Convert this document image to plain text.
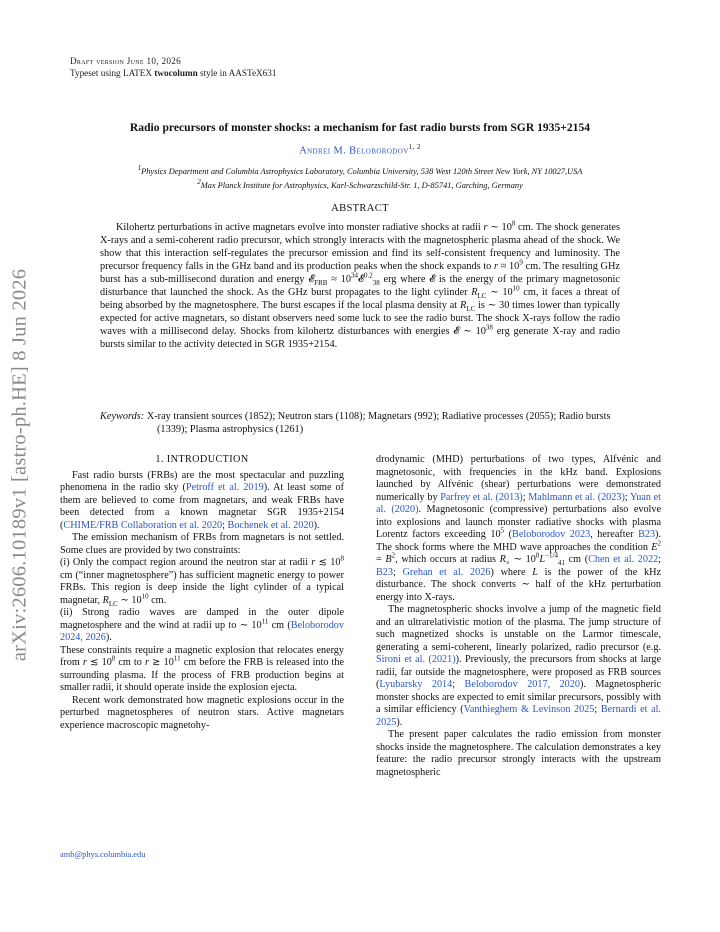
arXiv:2606.10189v1 [astro-ph.HE] 8 Jun 2026
Draft version June 10, 2026
Typeset using LATEX twocolumn style in AASTeX631
Radio precursors of monster shocks: a mechanism for fast radio bursts from SGR 1935+2154
Andrei M. Beloborodov$^{1, 2}$
$^1$Physics Department and Columbia Astrophysics Laboratory, Columbia University, 538 West 120th Street New York, NY 10027,USA
$^2$Max Planck Institute for Astrophysics, Karl-Schwarzschild-Str. 1, D-85741, Garching, Germany
ABSTRACT

Kilohertz perturbations in active magnetars evolve into monster radiative shocks at radii r ∼ $10^8$ cm. The shock generates X-rays and a semi-coherent radio precursor, which strongly interacts with the magnetospheric plasma ahead of the shock. We show that this interaction self-regulates the precursor emission and find its self-consistent frequency and luminosity. The precursor frequency falls in the GHz band and its production peaks when the shock expands to $r \approx 10^9$ cm. The resulting GHz burst has a sub-millisecond duration and energy 𝓔$_{FRB}$ ≈ $10^{34}𝓔^{0.2}_{38}$ erg where 𝓔 is the energy of the primary magnetosonic disturbance that launched the shock. As the GHz burst propagates to the light cylinder $R_{LC}$ ∼ $10^{10}$ cm, it faces a threat of being absorbed by the magnetosphere. The burst escapes if the local plasma density at $R_{LC}$ is ∼ 30 times lower than typically expected for active magnetars, so distant observers need some luck to see the radio burst. The shock X-rays follow the radio waves with a millisecond delay. Shocks from kilohertz disturbances with energies 𝓔 ∼ $10^{38}$ erg generate X-ray and radio bursts similar to the activity detected in SGR 1935+2154.

Keywords: X-ray transient sources (1852); Neutron stars (1108); Magnetars (992); Radiative processes (2055); Radio bursts (1339); Plasma astrophysics (1261)

1. INTRODUCTION

Fast radio bursts (FRBs) are the most spectacular and puzzling phenomena in the radio sky (Petroff et al. 2019). At least some of them are believed to come from magnetars, and weak FRBs have been detected from a known magnetar SGR 1935+2154 (CHIME/FRB Collaboration et al. 2020; Bochenek et al. 2020).

The emission mechanism of FRBs from magnetars is not settled. Some clues are provided by two constraints:

(i) Only the compact region around the neutron star at radii r ≲ $10^8$ cm (“inner magnetosphere”) has sufficient magnetic energy to power FRBs. This region is deep inside the light cylinder of a typical magnetar, $R_{LC}$ ∼ $10^{10}$ cm.

(ii) Strong radio waves are damped in the outer dipole magnetosphere and the wind at radii up to ∼ $10^{11}$ cm (Beloborodov 2024, 2026).

These constraints require a magnetic explosion that relocates energy from r ≲ $10^8$ cm to r ≳ $10^{11}$ cm before the FRB is released into the surrounding plasma. If the process of FRB production begins at smaller radii, it should operate inside the explosion ejecta.

Recent work demonstrated how magnetic explosions occur in the perturbed magnetospheres of neutron stars. Active magnetars experience macroscopic magnetohy-

drodynamic (MHD) perturbations of two types, Alfvénic and magnetosonic, with frequencies in the kHz band. Explosions launched by Alfvénic (shear) perturbations were demonstrated numerically by Parfrey et al. (2013); Mahlmann et al. (2023); Yuan et al. (2020). Magnetosonic (compressive) perturbations also evolve into explosions and launch monster radiative shocks with plasma Lorentz factors exceeding $10^5$ (Beloborodov 2023, hereafter B23). The shock forms where the MHD wave approaches the condition $E^2 = B^2$, which occurs at radius $R_\times$ ∼ $10^8L^{-1/4}_{41}$ cm (Chen et al. 2022; B23; Grehan et al. 2026) where L is the power of the kHz disturbance. The shock converts ∼ half of the kHz perturbation energy into X-rays.

The magnetospheric shocks involve a jump of the magnetic field and an ultrarelativistic motion of the plasma. The jump structure of such magnetized shocks is unstable on the Larmor timescale, generating a semi-coherent, linearly polarized, radio precursor (e.g. Sironi et al. (2021)). Previously, the precursors from shocks at large radii, far outside the magnetosphere, were proposed as FRB sources (Lyubarsky 2014; Beloborodov 2017, 2020). Magnetospheric monster shocks are expected to emit similar precursors, possibly with a similar efficiency (Vanthieghem & Levinson 2025; Bernardi et al. 2025).

The present paper calculates the radio emission from monster shocks inside the magnetosphere. The calculation demonstrates a key feature: the radio precursor strongly interacts with the upstream magnetospheric

amb@phys.columbia.edu
